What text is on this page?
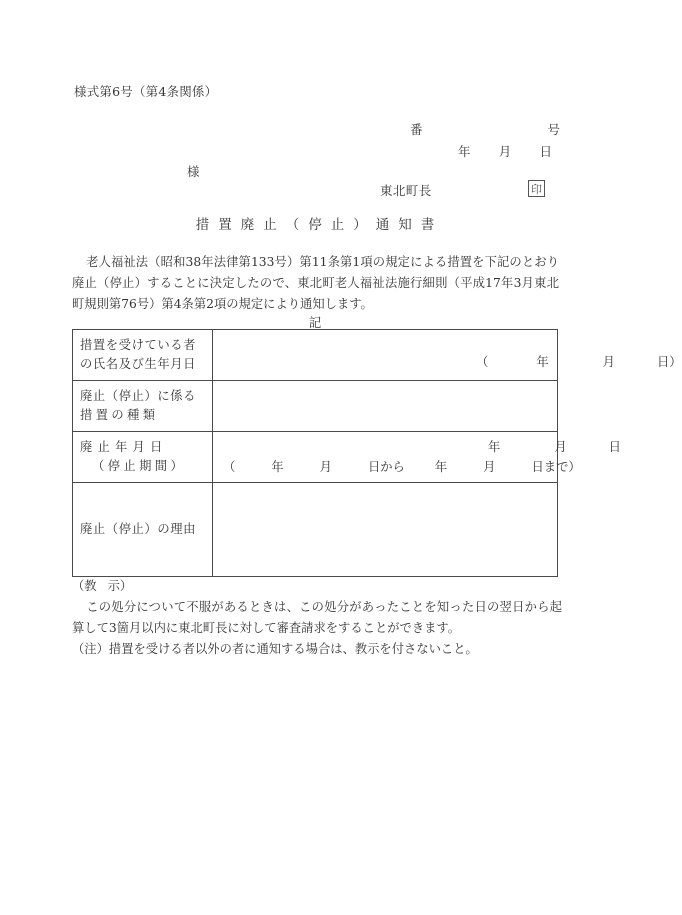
様式第6号（第4条関係）
番	号
年 月 日
様
東北町長	印
措置廃止（停止）通知書
老人福祉法（昭和38年法律第133号）第11条第1項の規定による措置を下記のとおり廃止（停止）することに決定したので、東北町老人福祉法施行細則（平成17年3月東北町規則第76号）第4条第2項の規定により通知します。
記
措置を受けている者
の氏名及び生年月日	（ 年 月 日）

廃止（停止）に係る
措置の種類	

廃止年月日
（停止期間）	年 月 日
（ 年 月 日から 年 月 日まで）

廃止（停止）の理由	

（教 示）
この処分について不服があるときは、この処分があったことを知った日の翌日から起算して3箇月以内に東北町長に対して審査請求をすることができます。
（注）措置を受ける者以外の者に通知する場合は、教示を付さないこと。
